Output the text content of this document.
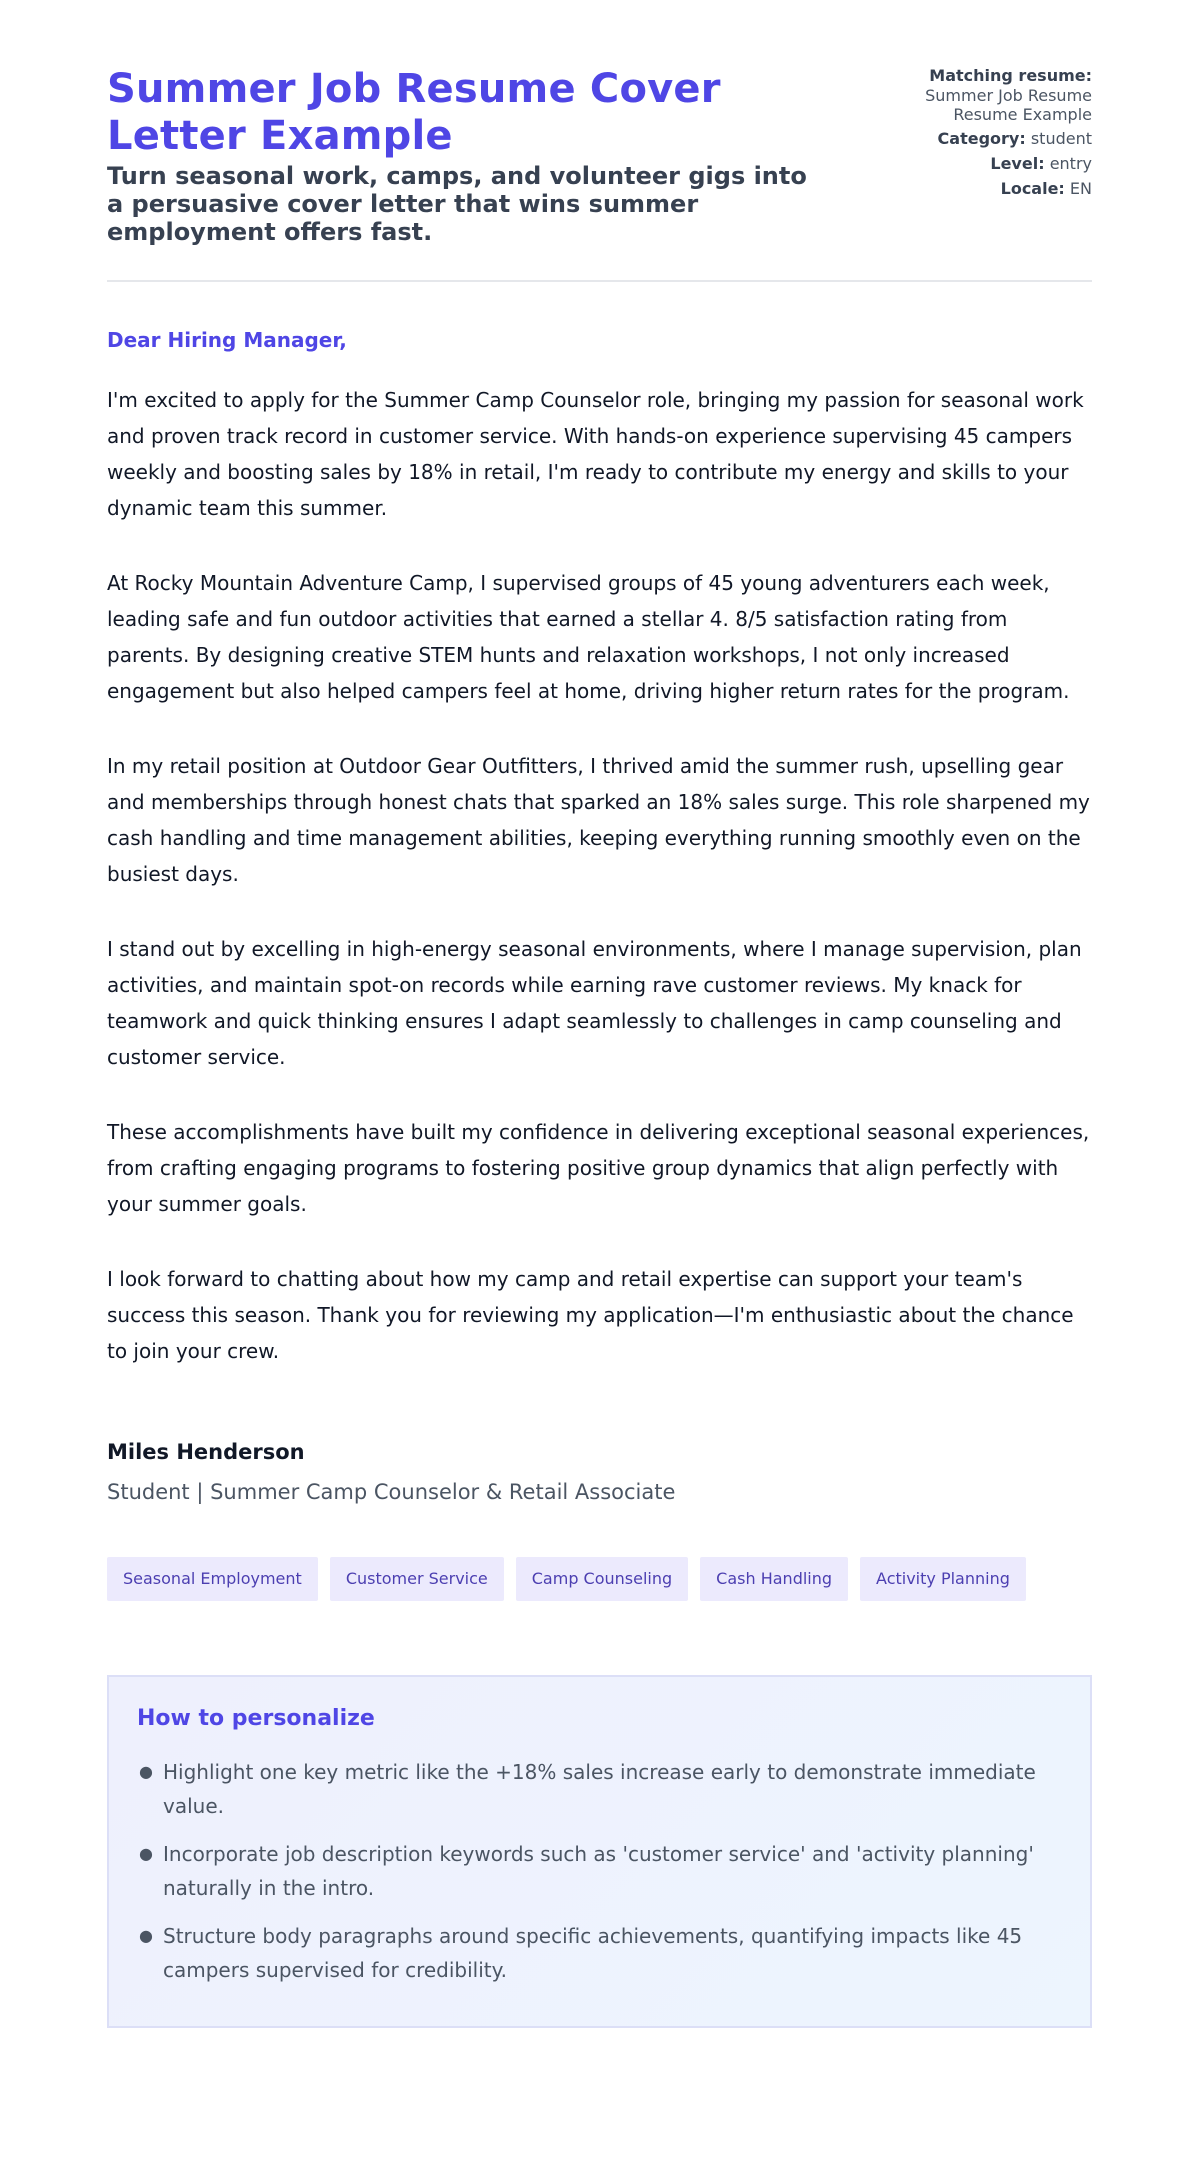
Summer Job Resume Cover Letter Example
Turn seasonal work, camps, and volunteer gigs into a persuasive cover letter that wins summer employment offers fast.
Matching resume:
Summer Job Resume Resume Example
Category: student
Level: entry
Locale: EN

Dear Hiring Manager,

I'm excited to apply for the Summer Camp Counselor role, bringing my passion for seasonal work and proven track record in customer service. With hands-on experience supervising 45 campers weekly and boosting sales by 18% in retail, I'm ready to contribute my energy and skills to your dynamic team this summer.

At Rocky Mountain Adventure Camp, I supervised groups of 45 young adventurers each week, leading safe and fun outdoor activities that earned a stellar 4. 8/5 satisfaction rating from parents. By designing creative STEM hunts and relaxation workshops, I not only increased engagement but also helped campers feel at home, driving higher return rates for the program.

In my retail position at Outdoor Gear Outfitters, I thrived amid the summer rush, upselling gear and memberships through honest chats that sparked an 18% sales surge. This role sharpened my cash handling and time management abilities, keeping everything running smoothly even on the busiest days.

I stand out by excelling in high-energy seasonal environments, where I manage supervision, plan activities, and maintain spot-on records while earning rave customer reviews. My knack for teamwork and quick thinking ensures I adapt seamlessly to challenges in camp counseling and customer service.

These accomplishments have built my confidence in delivering exceptional seasonal experiences, from crafting engaging programs to fostering positive group dynamics that align perfectly with your summer goals.

I look forward to chatting about how my camp and retail expertise can support your team's success this season. Thank you for reviewing my application—I'm enthusiastic about the chance to join your crew.

Miles Henderson
Student | Summer Camp Counselor & Retail Associate
Seasonal Employment	Customer Service	Camp Counseling	Cash Handling	Activity Planning
How to personalize
● Highlight one key metric like the +18% sales increase early to demonstrate immediate value.
● Incorporate job description keywords such as 'customer service' and 'activity planning' naturally in the intro.
● Structure body paragraphs around specific achievements, quantifying impacts like 45 campers supervised for credibility.
